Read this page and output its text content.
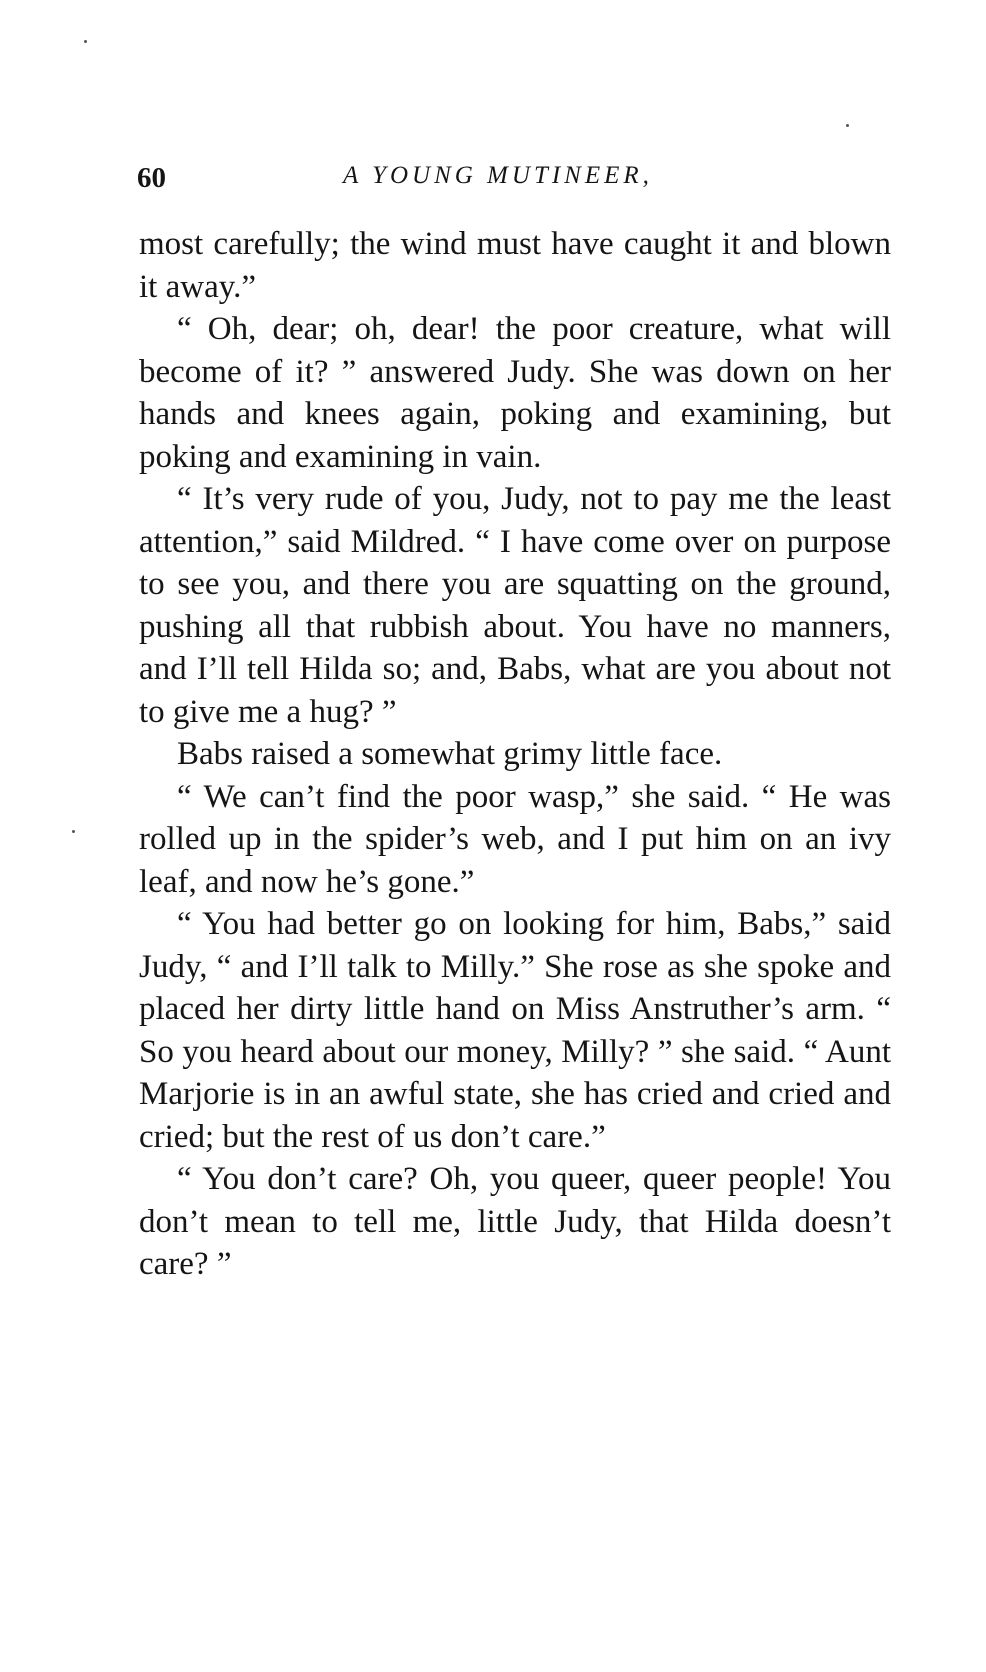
60	A YOUNG MUTINEER,

most carefully; the wind must have caught it and blown it away.”

“ Oh, dear; oh, dear! the poor creature, what will become of it? ” answered Judy. She was down on her hands and knees again, poking and examining, but poking and examining in vain.

“ It’s very rude of you, Judy, not to pay me the least attention,” said Mildred. “ I have come over on purpose to see you, and there you are squatting on the ground, pushing all that rubbish about. You have no manners, and I’ll tell Hilda so; and, Babs, what are you about not to give me a hug? ”

Babs raised a somewhat grimy little face.

“ We can’t find the poor wasp,” she said. “ He was rolled up in the spider’s web, and I put him on an ivy leaf, and now he’s gone.”

“ You had better go on looking for him, Babs,” said Judy, “ and I’ll talk to Milly.” She rose as she spoke and placed her dirty little hand on Miss Anstruther’s arm. “ So you heard about our money, Milly? ” she said. “ Aunt Marjorie is in an awful state, she has cried and cried and cried; but the rest of us don’t care.”

“ You don’t care? Oh, you queer, queer people! You don’t mean to tell me, little Judy, that Hilda doesn’t care? ”
